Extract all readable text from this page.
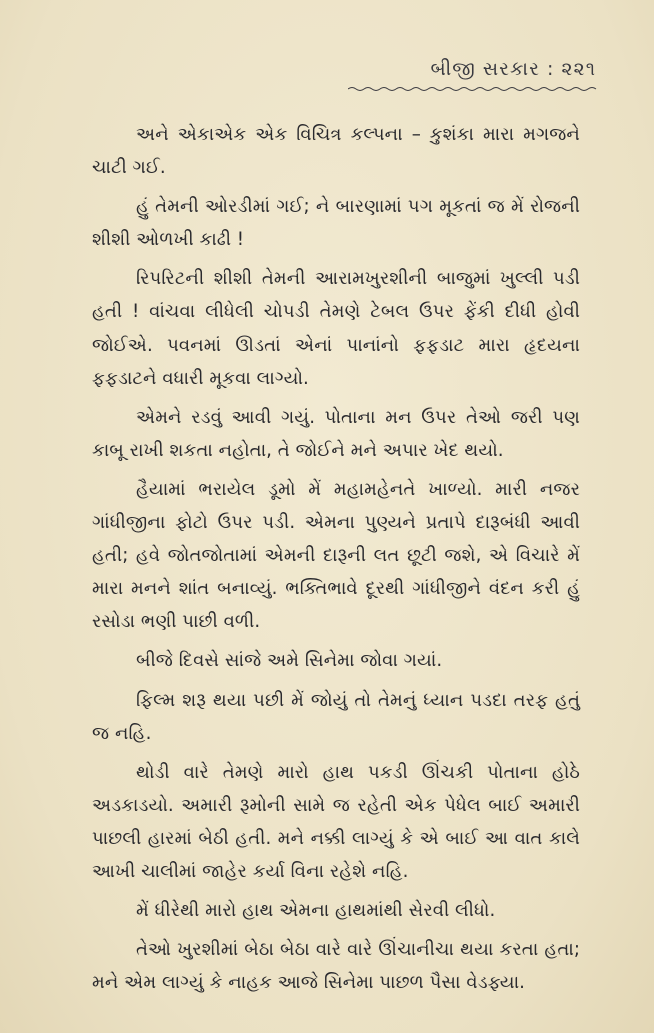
બીજી સરકાર : ૨૨૧

અને એકાએક એક વિચિત્ર કલ્પના – કુશંકા મારા મગજને ચાટી ગઈ.

હું તેમની ઓરડીમાં ગઈ; ને બારણામાં પગ મૂકતાં જ મેં રોજની શીશી ઓળખી કાઢી !

રિપરિટની શીશી તેમની આરામખુરશીની બાજુમાં ખુલ્લી પડી હતી ! વાંચવા લીધેલી ચોપડી તેમણે ટેબલ ઉપર ફેંકી દીધી હોવી જોઈએ. પવનમાં ઊડતાં એનાં પાનાંનો ફફડાટ મારા હૃદયના ફફડાટને વધારી મૂકવા લાગ્યો.

એમને રડવું આવી ગયું. પોતાના મન ઉપર તેઓ જરી પણ કાબૂ રાખી શકતા નહોતા, તે જોઈને મને અપાર ખેદ થયો.

હૈયામાં ભરાયેલ ડૂમો મેં મહામહેનતે ખાળ્યો. મારી નજર ગાંધીજીના ફોટો ઉપર પડી. એમના પુણ્યને પ્રતાપે દારૂબંધી આવી હતી; હવે જોતજોતામાં એમની દારૂની લત છૂટી જશે, એ વિચારે મેં મારા મનને શાંત બનાવ્યું. ભક્તિભાવે દૂરથી ગાંધીજીને વંદન કરી હું રસોડા ભણી પાછી વળી.

બીજે દિવસે સાંજે અમે સિનેમા જોવા ગયાં.

ફિલ્મ શરૂ થયા પછી મેં જોયું તો તેમનું ધ્યાન પડદા તરફ હતું જ નહિ.

થોડી વારે તેમણે મારો હાથ પકડી ઊંચકી પોતાના હોઠે અડકાડયો. અમારી રૂમોની સામે જ રહેતી એક પેધેલ બાઈ અમારી પાછલી હારમાં બેઠી હતી. મને નક્કી લાગ્યું કે એ બાઈ આ વાત કાલે આખી ચાલીમાં જાહેર કર્યા વિના રહેશે નહિ.

મેં ધીરેથી મારો હાથ એમના હાથમાંથી સેરવી લીધો.

તેઓ ખુરશીમાં બેઠા બેઠા વારે વારે ઊંચાનીચા થયા કરતા હતા; મને એમ લાગ્યું કે નાહક આજે સિનેમા પાછળ પૈસા વેડફ્યા.
